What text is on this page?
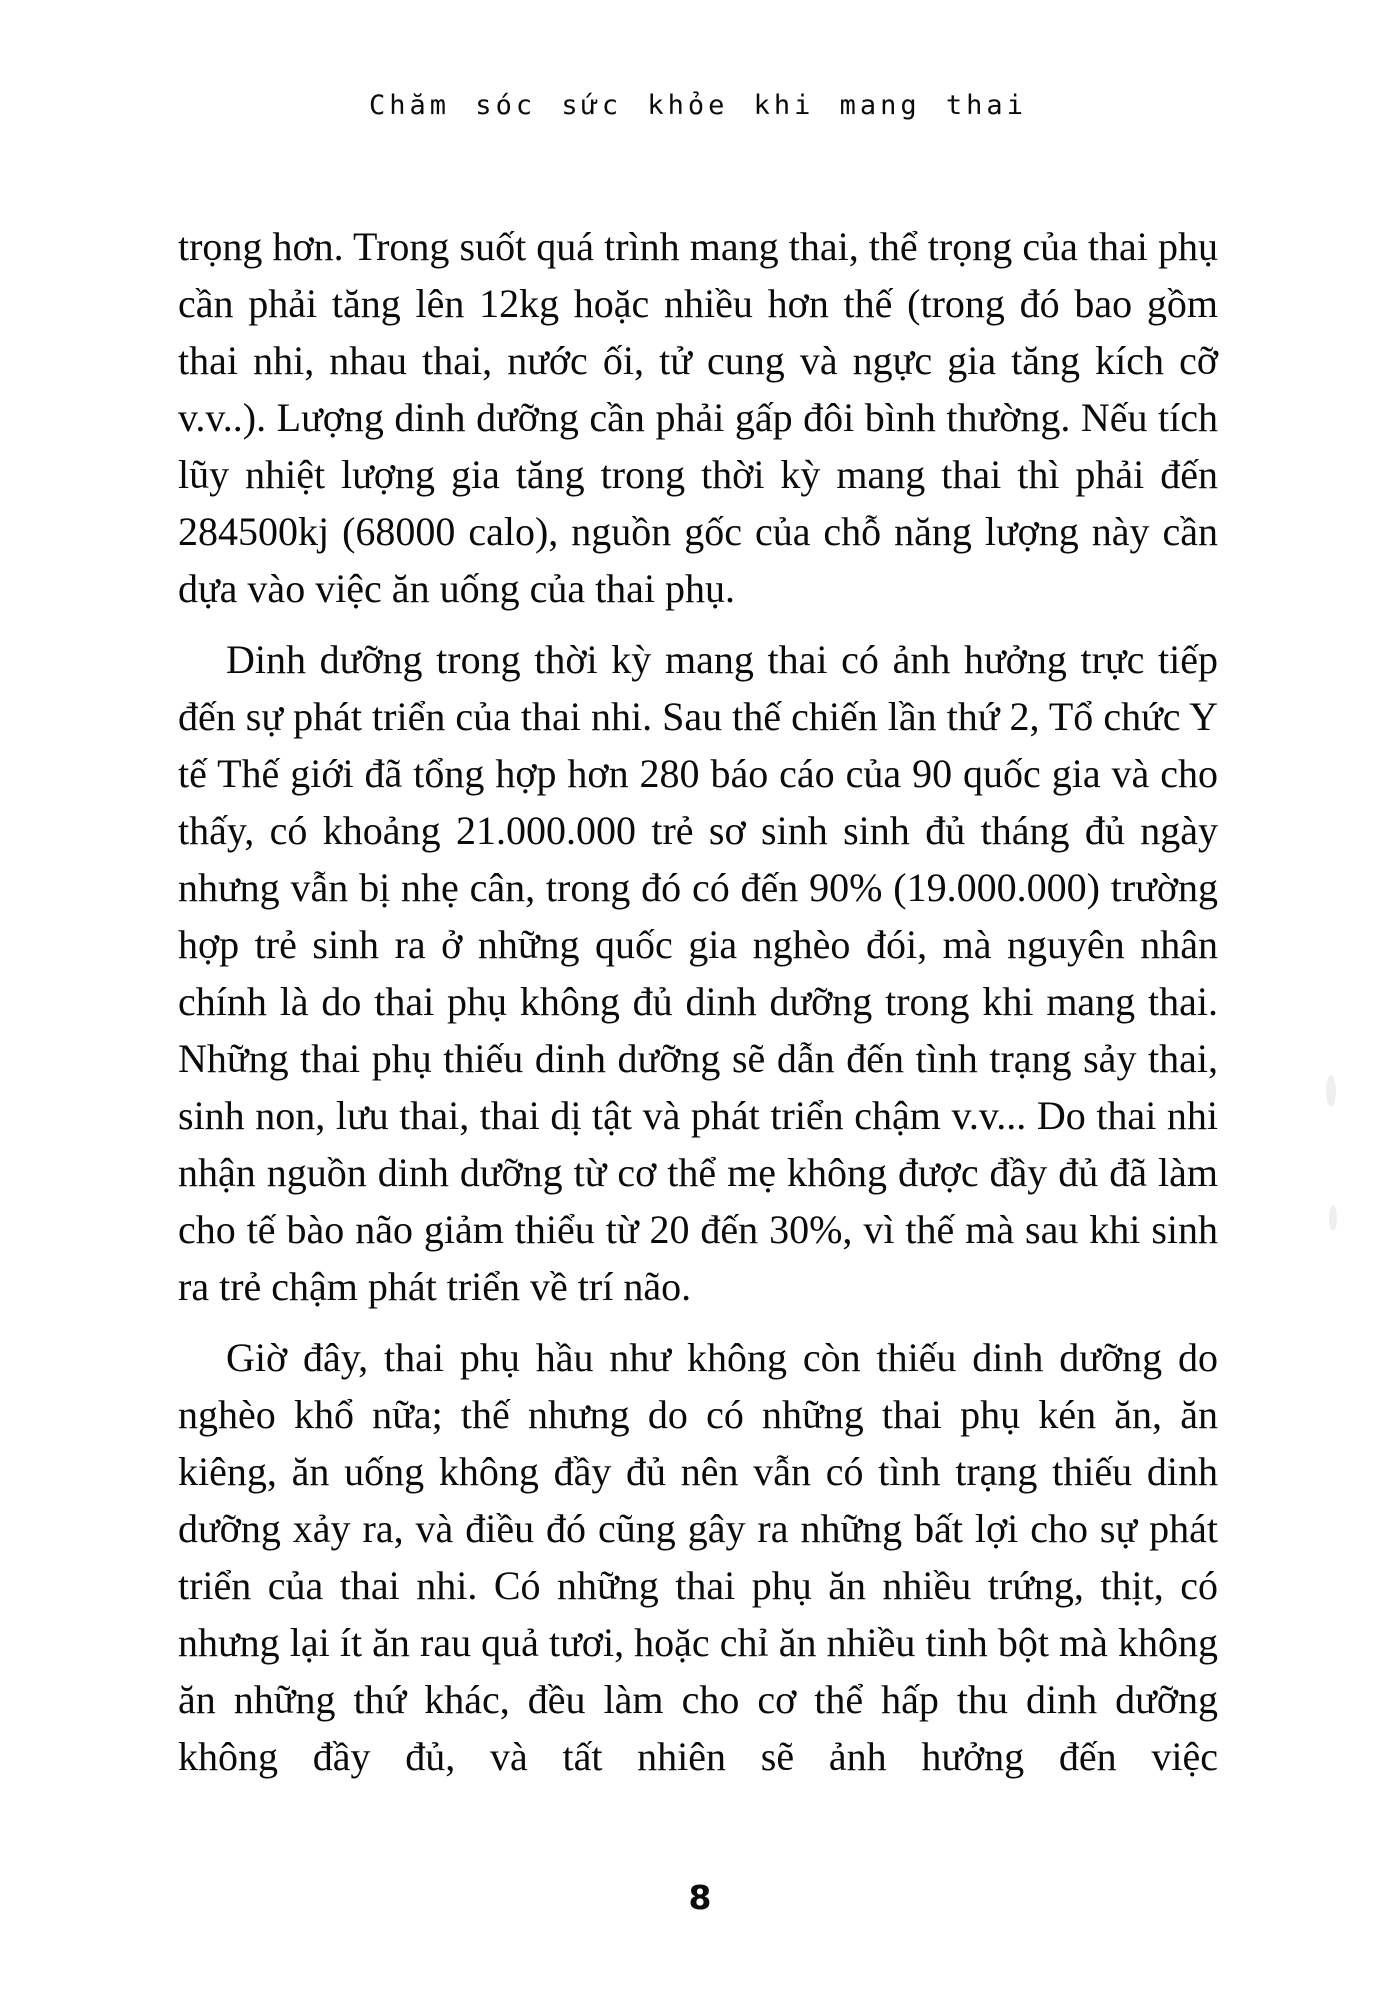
Chăm sóc sức khỏe khi mang thai

trọng hơn. Trong suốt quá trình mang thai, thể trọng của thai phụ cần phải tăng lên 12kg hoặc nhiều hơn thế (trong đó bao gồm thai nhi, nhau thai, nước ối, tử cung và ngực gia tăng kích cỡ v.v..). Lượng dinh dưỡng cần phải gấp đôi bình thường. Nếu tích lũy nhiệt lượng gia tăng trong thời kỳ mang thai thì phải đến 284500kj (68000 calo), nguồn gốc của chỗ năng lượng này cần dựa vào việc ăn uống của thai phụ.

Dinh dưỡng trong thời kỳ mang thai có ảnh hưởng trực tiếp đến sự phát triển của thai nhi. Sau thế chiến lần thứ 2, Tổ chức Y tế Thế giới đã tổng hợp hơn 280 báo cáo của 90 quốc gia và cho thấy, có khoảng 21.000.000 trẻ sơ sinh sinh đủ tháng đủ ngày nhưng vẫn bị nhẹ cân, trong đó có đến 90% (19.000.000) trường hợp trẻ sinh ra ở những quốc gia nghèo đói, mà nguyên nhân chính là do thai phụ không đủ dinh dưỡng trong khi mang thai. Những thai phụ thiếu dinh dưỡng sẽ dẫn đến tình trạng sảy thai, sinh non, lưu thai, thai dị tật và phát triển chậm v.v... Do thai nhi nhận nguồn dinh dưỡng từ cơ thể mẹ không được đầy đủ đã làm cho tế bào não giảm thiểu từ 20 đến 30%, vì thế mà sau khi sinh ra trẻ chậm phát triển về trí não.

Giờ đây, thai phụ hầu như không còn thiếu dinh dưỡng do nghèo khổ nữa; thế nhưng do có những thai phụ kén ăn, ăn kiêng, ăn uống không đầy đủ nên vẫn có tình trạng thiếu dinh dưỡng xảy ra, và điều đó cũng gây ra những bất lợi cho sự phát triển của thai nhi. Có những thai phụ ăn nhiều trứng, thịt, có nhưng lại ít ăn rau quả tươi, hoặc chỉ ăn nhiều tinh bột mà không ăn những thứ khác, đều làm cho cơ thể hấp thu dinh dưỡng không đầy đủ, và tất nhiên sẽ ảnh hưởng đến việc

8
